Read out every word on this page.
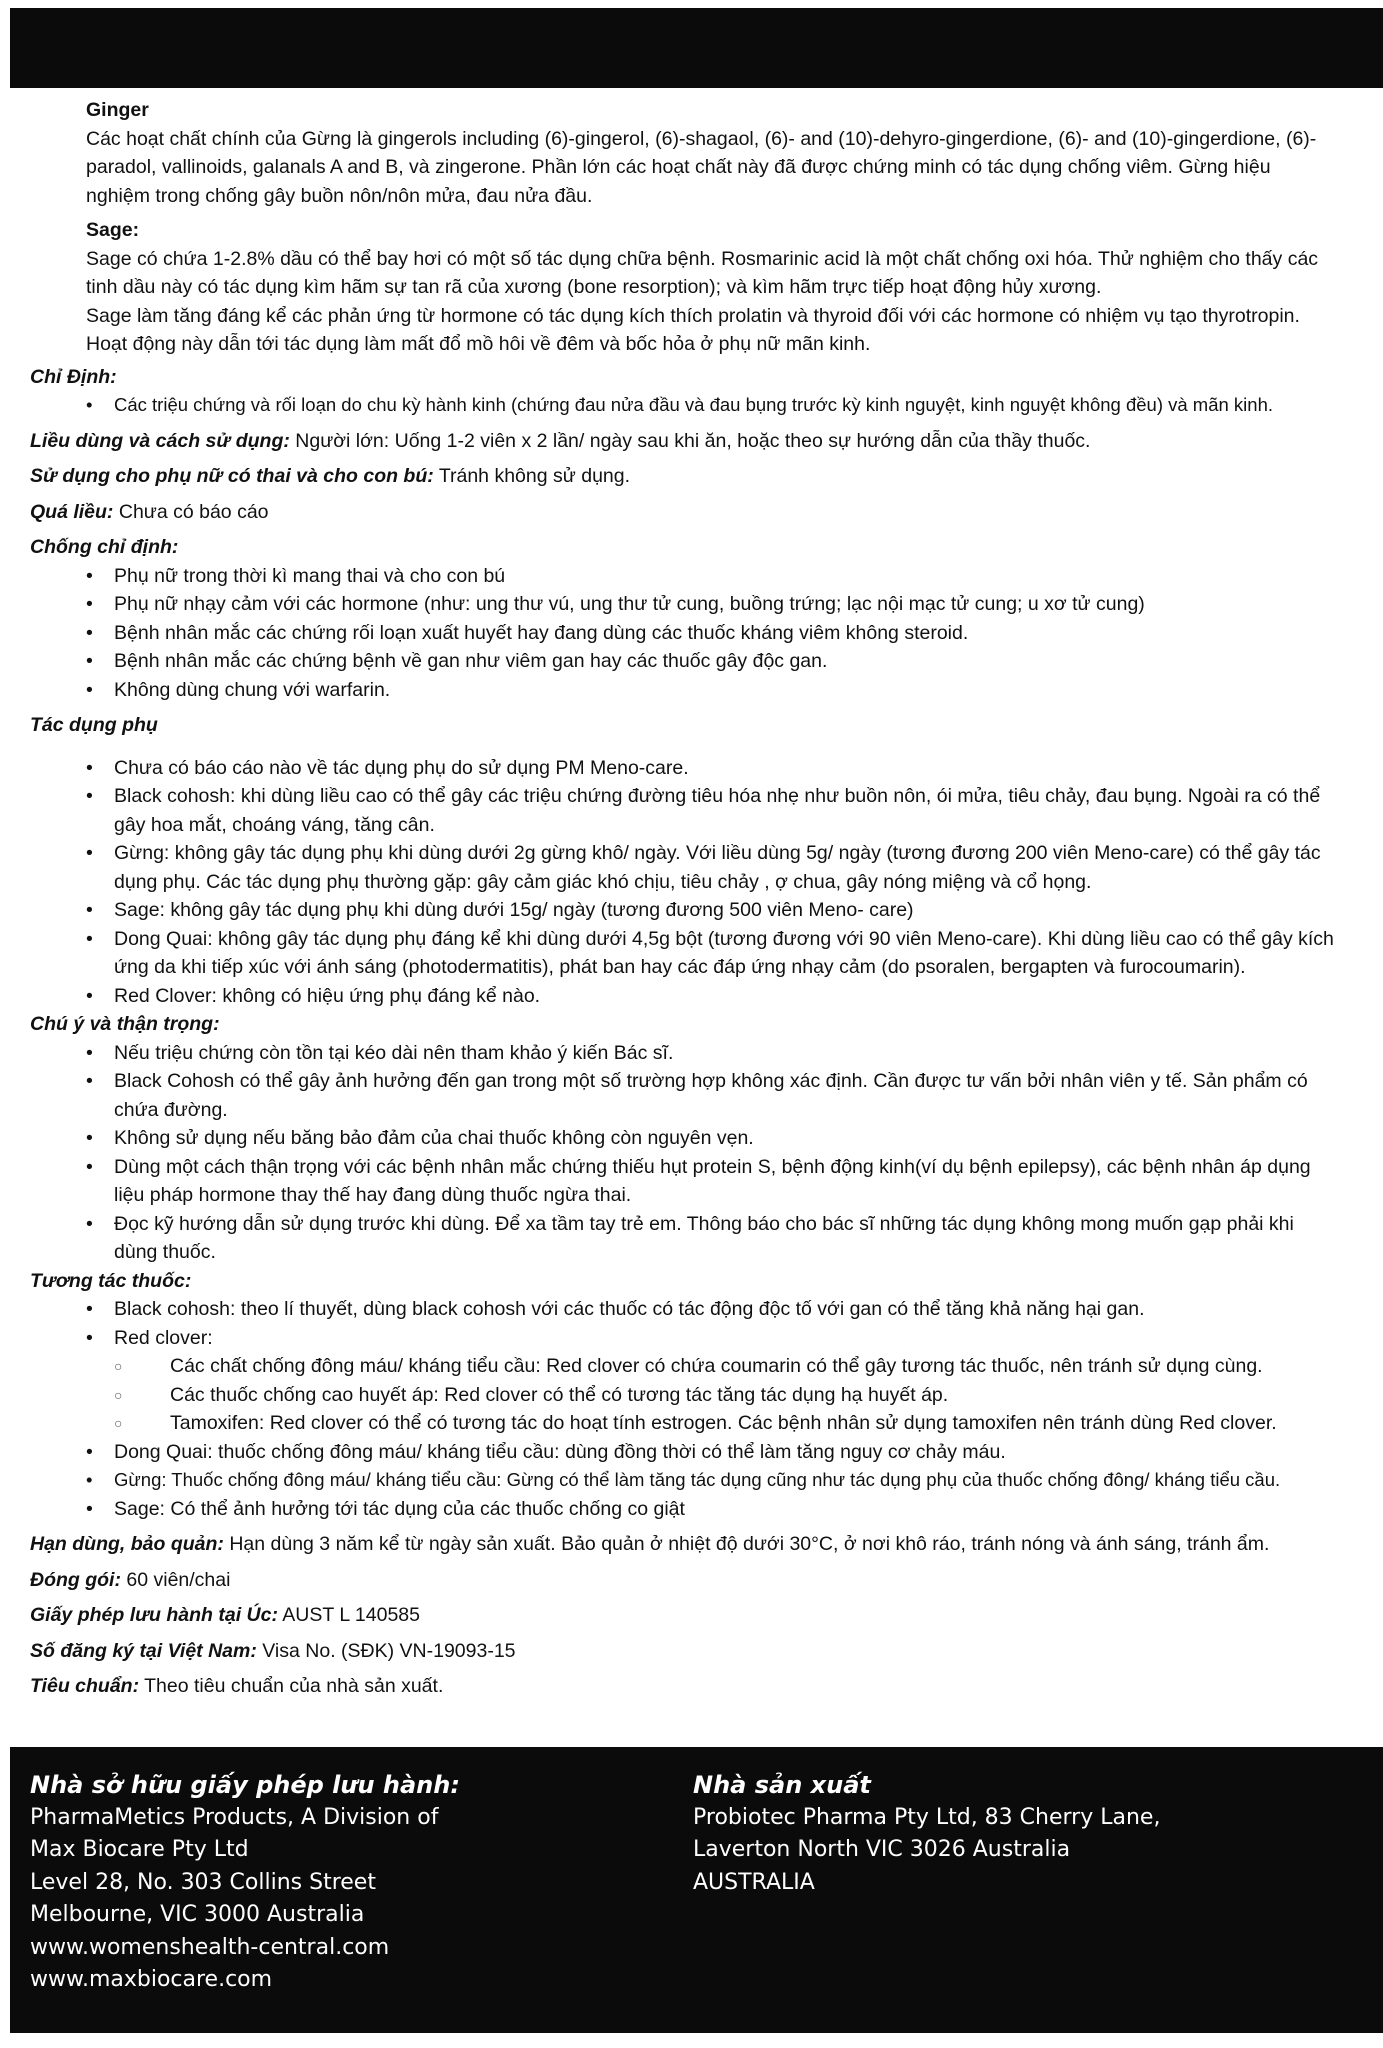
Ginger
Các hoạt chất chính của Gừng là gingerols including (6)-gingerol, (6)-shagaol, (6)- and (10)-dehyro-gingerdione, (6)- and (10)-gingerdione, (6)-paradol, vallinoids, galanals A and B, và zingerone. Phần lớn các hoạt chất này đã được chứng minh có tác dụng chống viêm. Gừng hiệu nghiệm trong chống gây buồn nôn/nôn mửa, đau nửa đầu.
Sage:
Sage có chứa 1-2.8% dầu có thể bay hơi có một số tác dụng chữa bệnh. Rosmarinic acid là một chất chống oxi hóa. Thử nghiệm cho thấy các tinh dầu này có tác dụng kìm hãm sự tan rã của xương (bone resorption); và kìm hãm trực tiếp hoạt động hủy xương.
Sage làm tăng đáng kể các phản ứng từ hormone có tác dụng kích thích prolatin và thyroid đối với các hormone có nhiệm vụ tạo thyrotropin. Hoạt động này dẫn tới tác dụng làm mất đổ mồ hôi về đêm và bốc hỏa ở phụ nữ mãn kinh.
Chỉ Định:
• Các triệu chứng và rối loạn do chu kỳ hành kinh (chứng đau nửa đầu và đau bụng trước kỳ kinh nguyệt, kinh nguyệt không đều) và mãn kinh.
Liều dùng và cách sử dụng: Người lớn: Uống 1-2 viên x 2 lần/ ngày sau khi ăn, hoặc theo sự hướng dẫn của thầy thuốc.
Sử dụng cho phụ nữ có thai và cho con bú: Tránh không sử dụng.
Quá liều: Chưa có báo cáo
Chống chỉ định:
• Phụ nữ trong thời kì mang thai và cho con bú
• Phụ nữ nhạy cảm với các hormone (như: ung thư vú, ung thư tử cung, buồng trứng; lạc nội mạc tử cung; u xơ tử cung)
• Bệnh nhân mắc các chứng rối loạn xuất huyết hay đang dùng các thuốc kháng viêm không steroid.
• Bệnh nhân mắc các chứng bệnh về gan như viêm gan hay các thuốc gây độc gan.
• Không dùng chung với warfarin.
Tác dụng phụ
• Chưa có báo cáo nào về tác dụng phụ do sử dụng PM Meno-care.
• Black cohosh: khi dùng liều cao có thể gây các triệu chứng đường tiêu hóa nhẹ như buồn nôn, ói mửa, tiêu chảy, đau bụng. Ngoài ra có thể gây hoa mắt, choáng váng, tăng cân.
• Gừng: không gây tác dụng phụ khi dùng dưới 2g gừng khô/ ngày. Với liều dùng 5g/ ngày (tương đương 200 viên Meno-care) có thể gây tác dụng phụ. Các tác dụng phụ thường gặp: gây cảm giác khó chịu, tiêu chảy , ợ chua, gây nóng miệng và cổ họng.
• Sage: không gây tác dụng phụ khi dùng dưới 15g/ ngày (tương đương 500 viên Meno- care)
• Dong Quai: không gây tác dụng phụ đáng kể khi dùng dưới 4,5g bột (tương đương với 90 viên Meno-care). Khi dùng liều cao có thể gây kích ứng da khi tiếp xúc với ánh sáng (photodermatitis), phát ban hay các đáp ứng nhạy cảm (do psoralen, bergapten và furocoumarin).
• Red Clover: không có hiệu ứng phụ đáng kể nào.
Chú ý và thận trọng:
• Nếu triệu chứng còn tồn tại kéo dài nên tham khảo ý kiến Bác sĩ.
• Black Cohosh có thể gây ảnh hưởng đến gan trong một số trường hợp không xác định. Cần được tư vấn bởi nhân viên y tế. Sản phẩm có chứa đường.
• Không sử dụng nếu băng bảo đảm của chai thuốc không còn nguyên vẹn.
• Dùng một cách thận trọng với các bệnh nhân mắc chứng thiếu hụt protein S, bệnh động kinh(ví dụ bệnh epilepsy), các bệnh nhân áp dụng liệu pháp hormone thay thế hay đang dùng thuốc ngừa thai.
• Đọc kỹ hướng dẫn sử dụng trước khi dùng. Để xa tầm tay trẻ em. Thông báo cho bác sĩ những tác dụng không mong muốn gạp phải khi dùng thuốc.
Tương tác thuốc:
• Black cohosh: theo lí thuyết, dùng black cohosh với các thuốc có tác động độc tố với gan có thể tăng khả năng hại gan.
• Red clover:
○ Các chất chống đông máu/ kháng tiểu cầu: Red clover có chứa coumarin có thể gây tương tác thuốc, nên tránh sử dụng cùng.
○ Các thuốc chống cao huyết áp: Red clover có thể có tương tác tăng tác dụng hạ huyết áp.
○ Tamoxifen: Red clover có thể có tương tác do hoạt tính estrogen. Các bệnh nhân sử dụng tamoxifen nên tránh dùng Red clover.
• Dong Quai: thuốc chống đông máu/ kháng tiểu cầu: dùng đồng thời có thể làm tăng nguy cơ chảy máu.
• Gừng: Thuốc chống đông máu/ kháng tiểu cầu: Gừng có thể làm tăng tác dụng cũng như tác dụng phụ của thuốc chống đông/ kháng tiểu cầu.
• Sage: Có thể ảnh hưởng tới tác dụng của các thuốc chống co giật
Hạn dùng, bảo quản: Hạn dùng 3 năm kể từ ngày sản xuất. Bảo quản ở nhiệt độ dưới 30°C, ở nơi khô ráo, tránh nóng và ánh sáng, tránh ẩm.
Đóng gói: 60 viên/chai
Giấy phép lưu hành tại Úc: AUST L 140585
Số đăng ký tại Việt Nam: Visa No. (SĐK) VN-19093-15
Tiêu chuẩn: Theo tiêu chuẩn của nhà sản xuất.
Nhà sở hữu giấy phép lưu hành:
PharmaMetics Products, A Division of
Max Biocare Pty Ltd
Level 28, No. 303 Collins Street
Melbourne, VIC 3000 Australia
www.womenshealth-central.com
www.maxbiocare.com
Nhà sản xuất
Probiotec Pharma Pty Ltd, 83 Cherry Lane,
Laverton North VIC 3026 Australia
AUSTRALIA
